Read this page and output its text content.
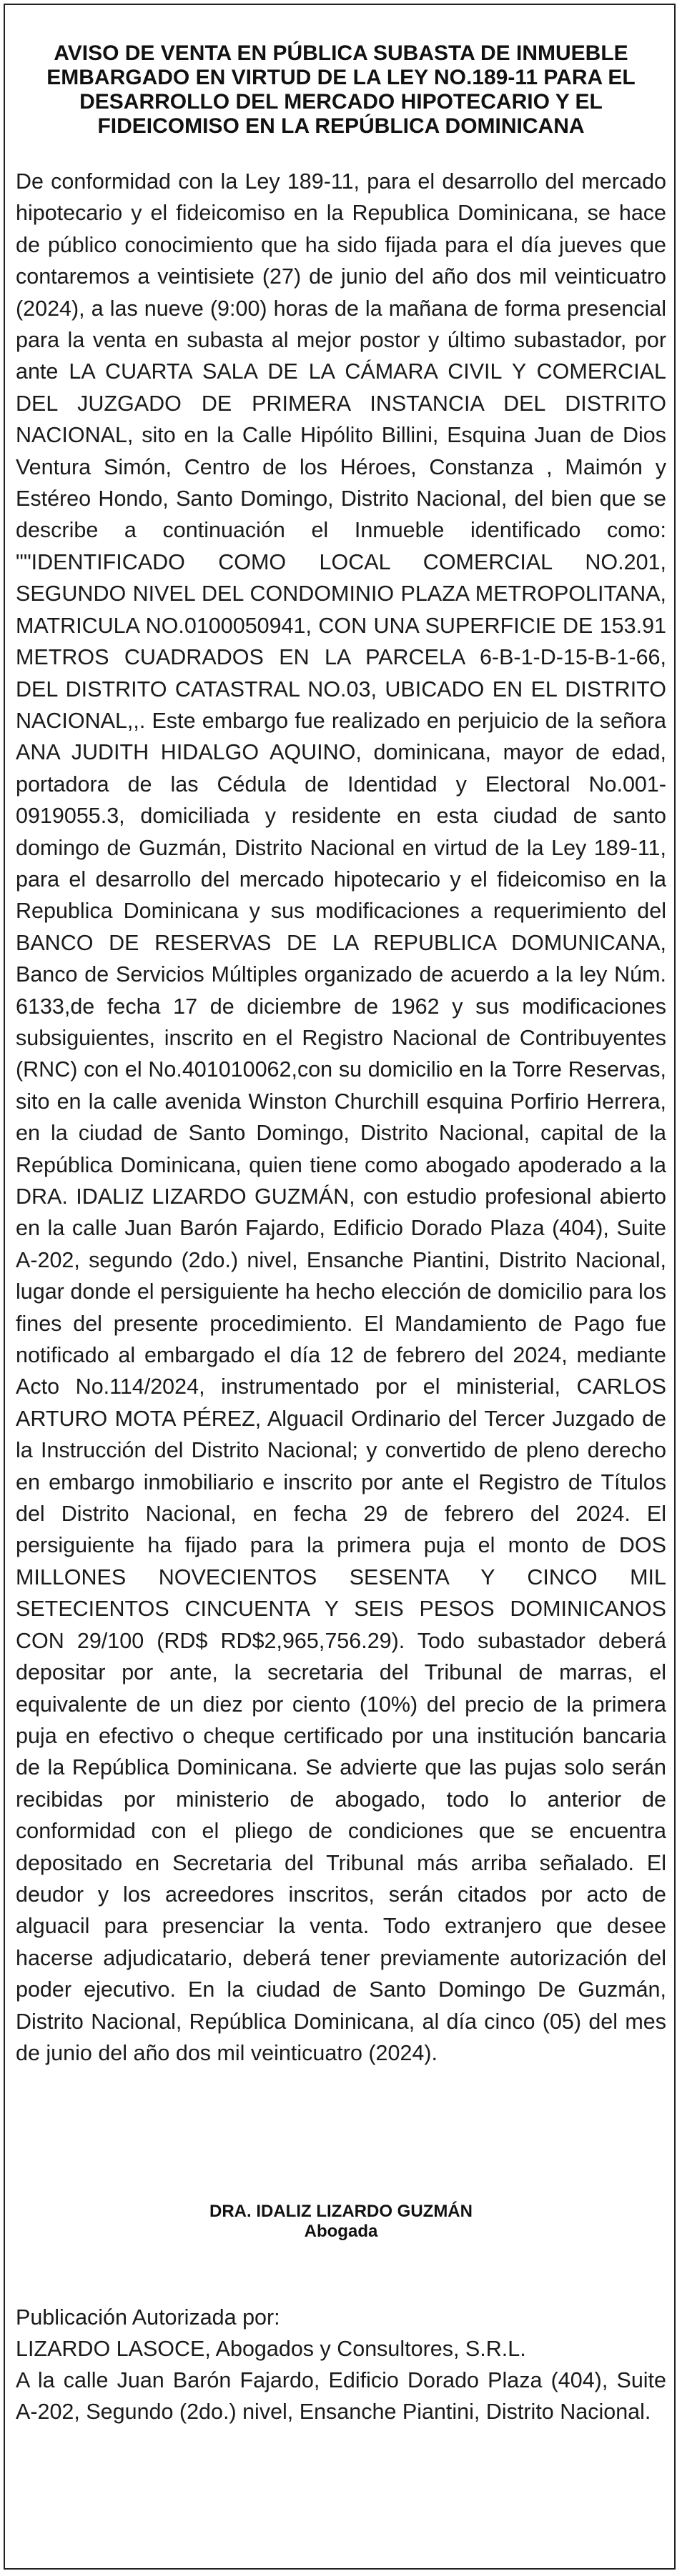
AVISO DE VENTA EN PÚBLICA SUBASTA DE INMUEBLE EMBARGADO EN VIRTUD DE LA LEY NO.189-11 PARA EL DESARROLLO DEL MERCADO HIPOTECARIO Y EL FIDEICOMISO EN LA REPÚBLICA DOMINICANA

De conformidad con la Ley 189-11, para el desarrollo del mercado hipotecario y el fideicomiso en la Republica Dominicana, se hace de público conocimiento que ha sido fijada para el día jueves que contaremos a veintisiete (27) de junio del año dos mil veinticuatro (2024), a las nueve (9:00) horas de la mañana de forma presencial para la venta en subasta al mejor postor y último subastador, por ante LA CUARTA SALA DE LA CÁMARA CIVIL Y COMERCIAL DEL JUZGADO DE PRIMERA INSTANCIA DEL DISTRITO NACIONAL, sito en la Calle Hipólito Billini, Esquina Juan de Dios Ventura Simón, Centro de los Héroes, Constanza , Maimón y Estéreo Hondo, Santo Domingo, Distrito Nacional, del bien que se describe a continuación el Inmueble identificado como: ""IDENTIFICADO COMO LOCAL COMERCIAL NO.201, SEGUNDO NIVEL DEL CONDOMINIO PLAZA METROPOLITANA, MATRICULA NO.0100050941, CON UNA SUPERFICIE DE 153.91 METROS CUADRADOS EN LA PARCELA 6-B-1-D-15-B-1-66, DEL DISTRITO CATASTRAL NO.03, UBICADO EN EL DISTRITO NACIONAL,,. Este embargo fue realizado en perjuicio de la señora ANA JUDITH HIDALGO AQUINO, dominicana, mayor de edad, portadora de las Cédula de Identidad y Electoral No.001-0919055.3, domiciliada y residente en esta ciudad de santo domingo de Guzmán, Distrito Nacional en virtud de la Ley 189-11, para el desarrollo del mercado hipotecario y el fideicomiso en la Republica Dominicana y sus modificaciones a requerimiento del BANCO DE RESERVAS DE LA REPUBLICA DOMUNICANA, Banco de Servicios Múltiples organizado de acuerdo a la ley Núm. 6133,de fecha 17 de diciembre de 1962 y sus modificaciones subsiguientes, inscrito en el Registro Nacional de Contribuyentes (RNC) con el No.401010062,con su domicilio en la Torre Reservas, sito en la calle avenida Winston Churchill esquina Porfirio Herrera, en la ciudad de Santo Domingo, Distrito Nacional, capital de la República Dominicana, quien tiene como abogado apoderado a la DRA. IDALIZ LIZARDO GUZMÁN, con estudio profesional abierto en la calle Juan Barón Fajardo, Edificio Dorado Plaza (404), Suite A-202, segundo (2do.) nivel, Ensanche Piantini, Distrito Nacional, lugar donde el persiguiente ha hecho elección de domicilio para los fines del presente procedimiento. El Mandamiento de Pago fue notificado al embargado el día 12 de febrero del 2024, mediante Acto No.114/2024, instrumentado por el ministerial, CARLOS ARTURO MOTA PÉREZ, Alguacil Ordinario del Tercer Juzgado de la Instrucción del Distrito Nacional; y convertido de pleno derecho en embargo inmobiliario e inscrito por ante el Registro de Títulos del Distrito Nacional, en fecha 29 de febrero del 2024. El persiguiente ha fijado para la primera puja el monto de DOS MILLONES NOVECIENTOS SESENTA Y CINCO MIL SETECIENTOS CINCUENTA Y SEIS PESOS DOMINICANOS CON 29/100 (RD$ RD$2,965,756.29). Todo subastador deberá depositar por ante, la secretaria del Tribunal de marras, el equivalente de un diez por ciento (10%) del precio de la primera puja en efectivo o cheque certificado por una institución bancaria de la República Dominicana. Se advierte que las pujas solo serán recibidas por ministerio de abogado, todo lo anterior de conformidad con el pliego de condiciones que se encuentra depositado en Secretaria del Tribunal más arriba señalado. El deudor y los acreedores inscritos, serán citados por acto de alguacil para presenciar la venta. Todo extranjero que desee hacerse adjudicatario, deberá tener previamente autorización del poder ejecutivo. En la ciudad de Santo Domingo De Guzmán, Distrito Nacional, República Dominicana, al día cinco (05) del mes de junio del año dos mil veinticuatro (2024).

DRA. IDALIZ LIZARDO GUZMÁN

Abogada

Publicación Autorizada por:
LIZARDO LASOCE, Abogados y Consultores, S.R.L.
A la calle Juan Barón Fajardo, Edificio Dorado Plaza (404), Suite A-202, Segundo (2do.) nivel, Ensanche Piantini, Distrito Nacional.
